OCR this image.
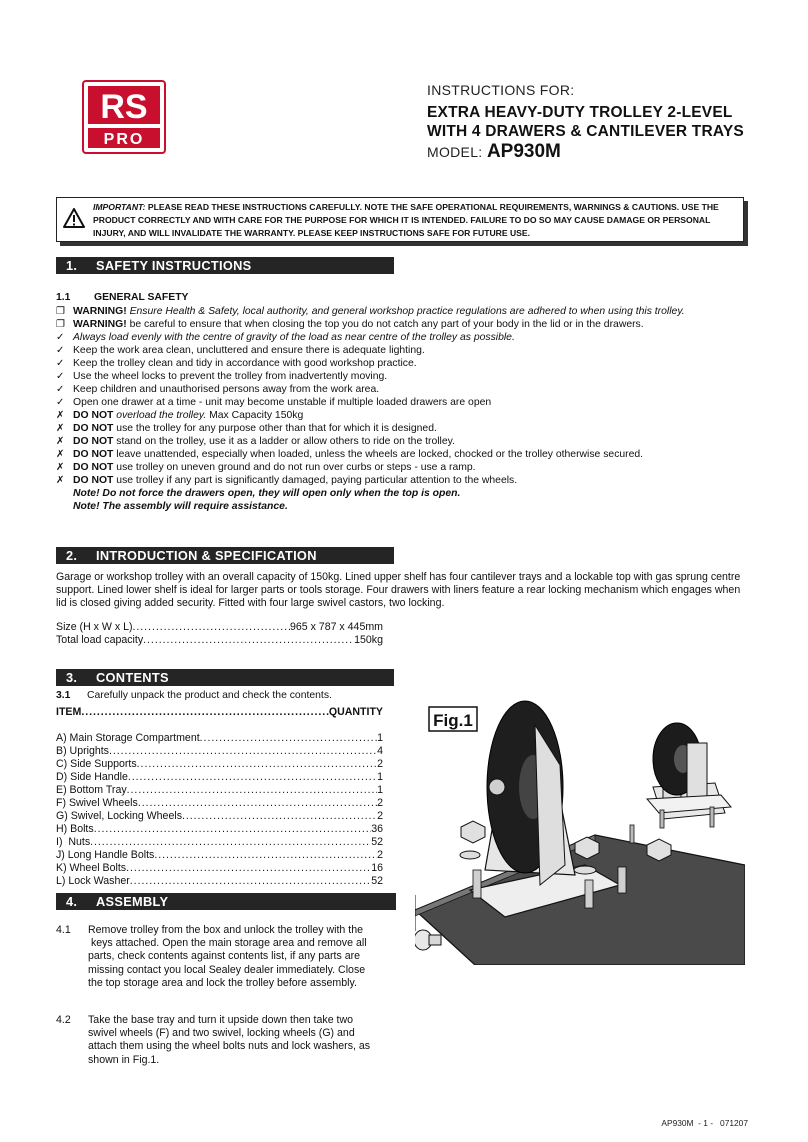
RS
PRO
INSTRUCTIONS FOR:
EXTRA HEAVY-DUTY TROLLEY 2-LEVEL
WITH 4 DRAWERS & CANTILEVER TRAYS
MODEL: AP930M
IMPORTANT: PLEASE READ THESE INSTRUCTIONS CAREFULLY. NOTE THE SAFE OPERATIONAL REQUIREMENTS, WARNINGS & CAUTIONS. USE THE PRODUCT CORRECTLY AND WITH CARE FOR THE PURPOSE FOR WHICH IT IS INTENDED. FAILURE TO DO SO MAY CAUSE DAMAGE OR PERSONAL INJURY, AND WILL INVALIDATE THE WARRANTY. PLEASE KEEP INSTRUCTIONS SAFE FOR FUTURE USE.
1. SAFETY INSTRUCTIONS
1.1 GENERAL SAFETY
❐ WARNING! Ensure Health & Safety, local authority, and general workshop practice regulations are adhered to when using this trolley.
❐ WARNING! be careful to ensure that when closing the top you do not catch any part of your body in the lid or in the drawers.
✓ Always load evenly with the centre of gravity of the load as near centre of the trolley as possible.
✓ Keep the work area clean, uncluttered and ensure there is adequate lighting.
✓ Keep the trolley clean and tidy in accordance with good workshop practice.
✓ Use the wheel locks to prevent the trolley from inadvertently moving.
✓ Keep children and unauthorised persons away from the work area.
✓ Open one drawer at a time - unit may become unstable if multiple loaded drawers are open
✗ DO NOT overload the trolley. Max Capacity 150kg
✗ DO NOT use the trolley for any purpose other than that for which it is designed.
✗ DO NOT stand on the trolley, use it as a ladder or allow others to ride on the trolley.
✗ DO NOT leave unattended, especially when loaded, unless the wheels are locked, chocked or the trolley otherwise secured.
✗ DO NOT use trolley on uneven ground and do not run over curbs or steps - use a ramp.
✗ DO NOT use trolley if any part is significantly damaged, paying particular attention to the wheels.
Note! Do not force the drawers open, they will open only when the top is open.
Note! The assembly will require assistance.
2. INTRODUCTION & SPECIFICATION
Garage or workshop trolley with an overall capacity of 150kg. Lined upper shelf has four cantilever trays and a lockable top with gas sprung centre support. Lined lower shelf is ideal for larger parts or tools storage. Four drawers with liners feature a rear locking mechanism which engages when lid is closed giving added security. Fitted with four large swivel castors, two locking.
Size (H x W x L) . . .	965 x 787 x 445mm
Total load capacity . . .	150kg
3. CONTENTS
3.1 Carefully unpack the product and check the contents.
ITEM . . .	QUANTITY
A) Main Storage Compartment . . .	1
B) Uprights . . .	4
C) Side Supports . . .	2
D) Side Handle . . .	1
E) Bottom Tray . . .	1
F) Swivel Wheels . . .	2
G) Swivel, Locking Wheels . . .	2
H) Bolts . . .	36
I)  Nuts . . .	52
J) Long Handle Bolts . . .	2
K) Wheel Bolts . . .	16
L) Lock Washer . . .	52
4. ASSEMBLY
4.1 Remove trolley from the box and unlock the trolley with the
keys attached. Open the main storage area and remove all
parts, check contents against contents list, if any parts are
missing contact you local Sealey dealer immediately. Close
the top storage area and lock the trolley before assembly.
4.2 Take the base tray and turn it upside down then take two
swivel wheels (F) and two swivel, locking wheels (G) and
attach them using the wheel bolts nuts and lock washers, as
shown in Fig.1.
Fig.1
AP930M  - 1 -   071207
